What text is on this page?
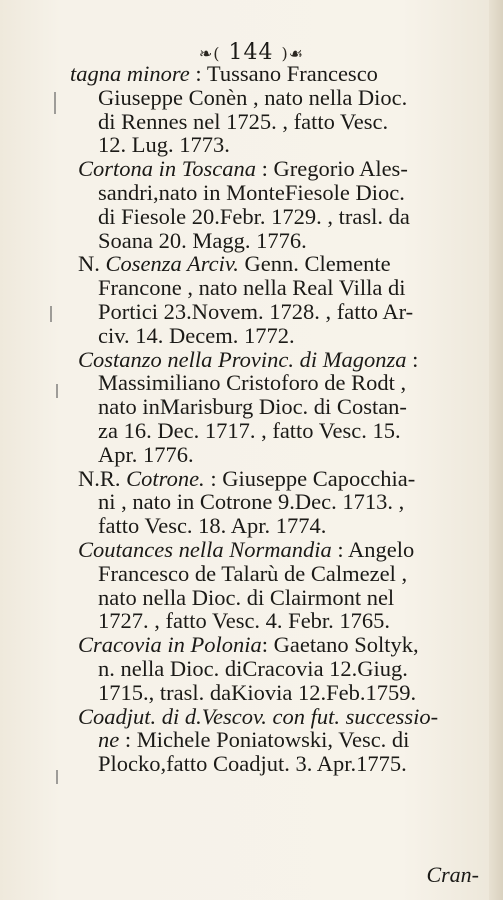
❧( 144 )☙
tagna minore : Tussano Francesco
Giuseppe Conèn , nato nella Dioc.
di Rennes nel 1725. , fatto Vesc.
12. Lug. 1773.
Cortona in Toscana : Gregorio Ales-
sandri,nato in MonteFiesole Dioc.
di Fiesole 20.Febr. 1729. , trasl. da
Soana 20. Magg. 1776.
N. Cosenza Arciv. Genn. Clemente
Francone , nato nella Real Villa di
Portici 23.Novem. 1728. , fatto Ar-
civ. 14. Decem. 1772.
Costanzo nella Provinc. di Magonza :
Massimiliano Cristoforo de Rodt ,
nato inMarisburg Dioc. di Costan-
za 16. Dec. 1717. , fatto Vesc. 15.
Apr. 1776.
N.R. Cotrone. : Giuseppe Capocchia-
ni , nato in Cotrone 9.Dec. 1713. ,
fatto Vesc. 18. Apr. 1774.
Coutances nella Normandia : Angelo
Francesco de Talarù de Calmezel ,
nato nella Dioc. di Clairmont nel
1727. , fatto Vesc. 4. Febr. 1765.
Cracovia in Polonia: Gaetano Soltyk,
n. nella Dioc. diCracovia 12.Giug.
1715., trasl. daKiovia 12.Feb.1759.
Coadjut. di d.Vescov. con fut. successio-
ne : Michele Poniatowski, Vesc. di
Plocko,fatto Coadjut. 3. Apr.1775.
Cran-
